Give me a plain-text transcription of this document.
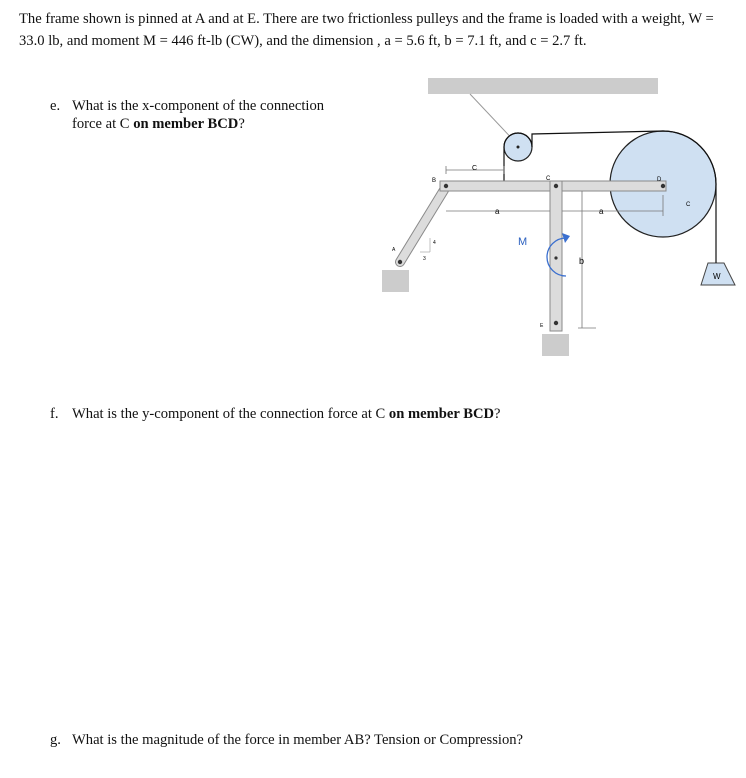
The frame shown is pinned at A and at E. There are two frictionless pulleys and the frame is loaded with a weight, W = 33.0 lb, and moment M = 446 ft-lb (CW), and the dimension , a = 5.6 ft, b = 7.1 ft, and c = 2.7 ft.
e. What is the x-component of the connection
force at C on member BCD?
f. What is the y-component of the connection force at C on member BCD?
g. What is the magnitude of the force in member AB? Tension or Compression?
B
C
C	D
A
E
C
4
3
a	a
b
M
W
